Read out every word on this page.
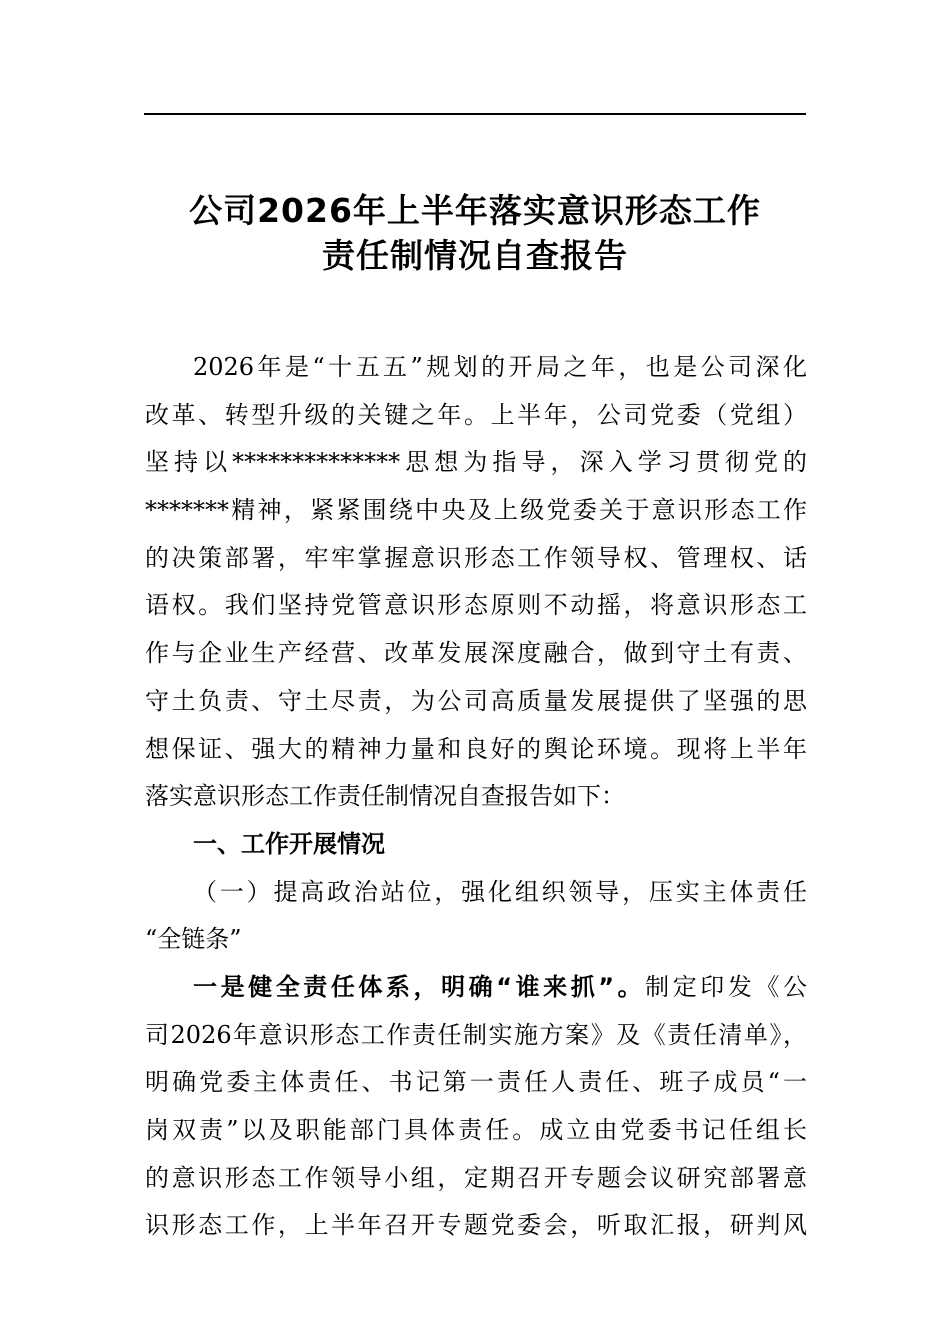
公司2026年上半年落实意识形态工作
责任制情况自查报告
2026年是“十五五”规划的开局之年，也是公司深化
改革、转型升级的关键之年。上半年，公司党委（党组）
坚持以**************思想为指导，深入学习贯彻党的
*******精神，紧紧围绕中央及上级党委关于意识形态工作
的决策部署，牢牢掌握意识形态工作领导权、管理权、话
语权。我们坚持党管意识形态原则不动摇，将意识形态工
作与企业生产经营、改革发展深度融合，做到守土有责、
守土负责、守土尽责，为公司高质量发展提供了坚强的思
想保证、强大的精神力量和良好的舆论环境。现将上半年
落实意识形态工作责任制情况自查报告如下：
一、工作开展情况
（一）提高政治站位，强化组织领导，压实主体责任
“全链条”
一是健全责任体系，明确“谁来抓”。制定印发《公
司2026年意识形态工作责任制实施方案》及《责任清单》，
明确党委主体责任、书记第一责任人责任、班子成员“一
岗双责”以及职能部门具体责任。成立由党委书记任组长
的意识形态工作领导小组，定期召开专题会议研究部署意
识形态工作，上半年召开专题党委会，听取汇报，研判风
